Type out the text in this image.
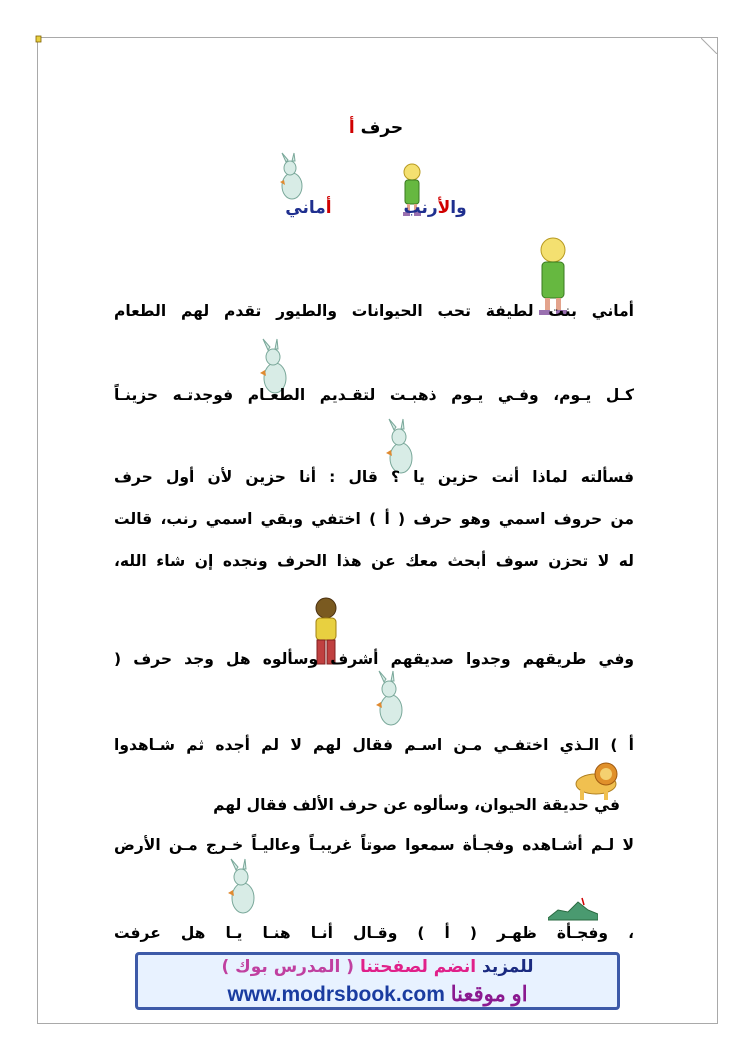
حرف أ
والأرنب  أماني
أماني بنت لطيفة تحب الحيوانات والطيور تقدم لهم الطعام
كـل يـوم، وفـي يـوم ذهبـت لتقـديم الطعـام فوجدتـه حزينـاً
فسألته لماذا أنت حزين يا ؟ قال : أنا حزين لأن أول حرف
من حروف اسمي وهو حرف ( أ ) اختفي وبقي اسمي رنب، قالت
له لا تحزن سوف أبحث معك عن هذا الحرف ونجده إن شاء الله،
وفي طريقهم وجدوا صديقهم أشرف وسألوه هل وجد حرف (
أ ) الـذي اختفـي مـن اسـم فقال لهم لا لم أجده ثم شـاهدوا
في حديقة الحيوان، وسألوه عن حرف الألف فقال لهم
لا لـم أشـاهده وفجـأة سمعوا صوتاً غريبـاً وعاليـاً خـرج مـن الأرض
، وفجـأة ظهـر ( أ ) وقـال أنـا هنـا يـا هل عرفت
للمزيد انضم لصفحتنا ( المدرس بوك )
www.modrsbook.com او موقعنا
